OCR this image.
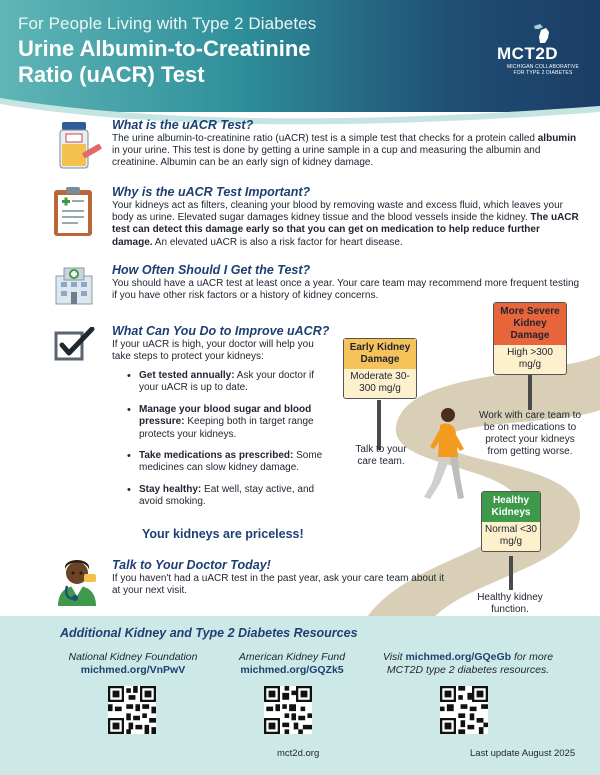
For People Living with Type 2 Diabetes
Urine Albumin-to-Creatinine
Ratio (uACR) Test
MCT2D
MICHIGAN COLLABORATIVE FOR TYPE 2 DIABETES
What is the uACR Test?
The urine albumin-to-creatinine ratio (uACR) test is a simple test that checks for a protein called albumin in your urine. This test is done by getting a urine sample in a cup and measuring the albumin and creatinine. Albumin can be an early sign of kidney damage.
Why is the uACR Test Important?
Your kidneys act as filters, cleaning your blood by removing waste and excess fluid, which leaves your body as urine. Elevated sugar damages kidney tissue and the blood vessels inside the kidney. The uACR test can detect this damage early so that you can get on medication to help reduce further damage. An elevated uACR is also a risk factor for heart disease.
How Often Should I Get the Test?
You should have a uACR test at least once a year. Your care team may recommend more frequent testing if you have other risk factors or a history of kidney concerns.
Early Kidney Damage
Moderate 30-300 mg/g
Talk to your care team.
More Severe Kidney Damage
High >300 mg/g
Work with care team to be on medications to protect your kidneys from getting worse.
Healthy Kidneys
Normal <30 mg/g
Healthy kidney function.
What Can You Do to Improve uACR?
If your uACR is high, your doctor will help you take steps to protect your kidneys:
• Get tested annually: Ask your doctor if your uACR is up to date.
• Manage your blood sugar and blood pressure: Keeping both in target range protects your kidneys.
• Take medications as prescribed: Some medicines can slow kidney damage.
• Stay healthy: Eat well, stay active, and avoid smoking.
Your kidneys are priceless!
Talk to Your Doctor Today!
If you haven't had a uACR test in the past year, ask your care team about it at your next visit.
Additional Kidney and Type 2 Diabetes Resources
National Kidney Foundation
michmed.org/VnPwV
American Kidney Fund
michmed.org/GQZk5
Visit michmed.org/GQeGb for more
MCT2D type 2 diabetes resources.
mct2d.org	Last update August 2025
